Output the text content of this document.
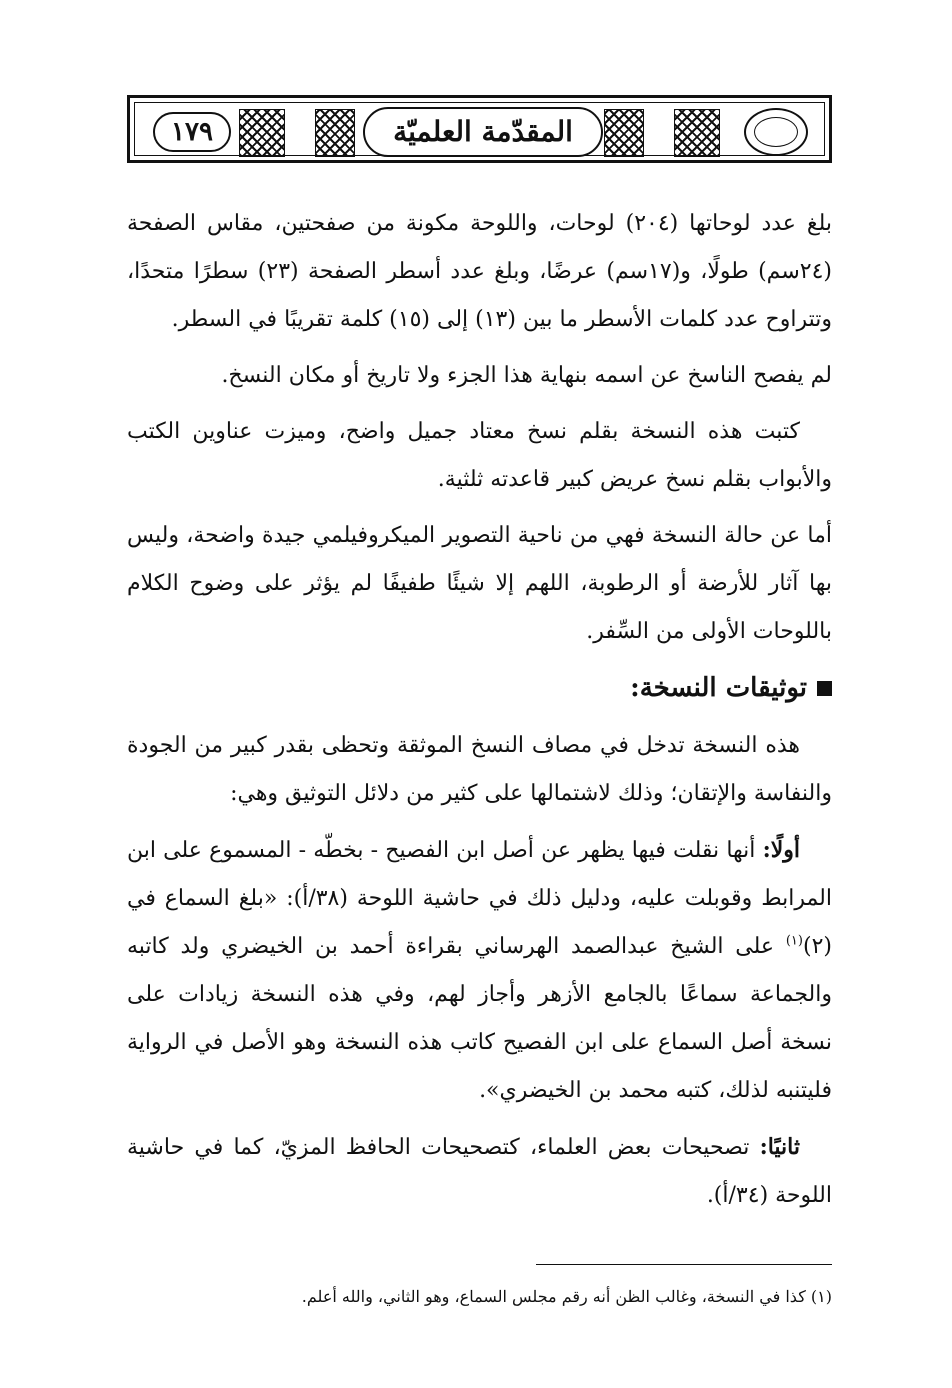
١٧٩	المقدّمة العلميّة

بلغ عدد لوحاتها (٢٠٤) لوحات، واللوحة مكونة من صفحتين، مقاس الصفحة (٢٤سم) طولًا، و(١٧سم) عرضًا، وبلغ عدد أسطر الصفحة (٢٣) سطرًا متحدًا، وتتراوح عدد كلمات الأسطر ما بين (١٣) إلى (١٥) كلمة تقريبًا في السطر.

لم يفصح الناسخ عن اسمه بنهاية هذا الجزء ولا تاريخ أو مكان النسخ.

كتبت هذه النسخة بقلم نسخ معتاد جميل واضح، وميزت عناوين الكتب والأبواب بقلم نسخ عريض كبير قاعدته ثلثية.

أما عن حالة النسخة فهي من ناحية التصوير الميكروفيلمي جيدة واضحة، وليس بها آثار للأرضة أو الرطوبة، اللهم إلا شيئًا طفيفًا لم يؤثر على وضوح الكلام باللوحات الأولى من السِّفر.

توثيقات النسخة:

هذه النسخة تدخل في مصاف النسخ الموثقة وتحظى بقدر كبير من الجودة والنفاسة والإتقان؛ وذلك لاشتمالها على كثير من دلائل التوثيق وهي:

أولًا: أنها نقلت فيها يظهر عن أصل ابن الفصيح - بخطّه - المسموع على ابن المرابط وقوبلت عليه، ودليل ذلك في حاشية اللوحة (٣٨/أ): «بلغ السماع في (٢)$^{(١)}$ على الشيخ عبدالصمد الهرساني بقراءة أحمد بن الخيضري ولد كاتبه والجماعة سماعًا بالجامع الأزهر وأجاز لهم، وفي هذه النسخة زيادات على نسخة أصل السماع على ابن الفصيح كاتب هذه النسخة وهو الأصل في الرواية فليتنبه لذلك، كتبه محمد بن الخيضري».

ثانيًا: تصحيحات بعض العلماء، كتصحيحات الحافظ المزيّ، كما في حاشية اللوحة (٣٤/أ).

(١) كذا في النسخة، وغالب الظن أنه رقم مجلس السماع، وهو الثاني، والله أعلم.
